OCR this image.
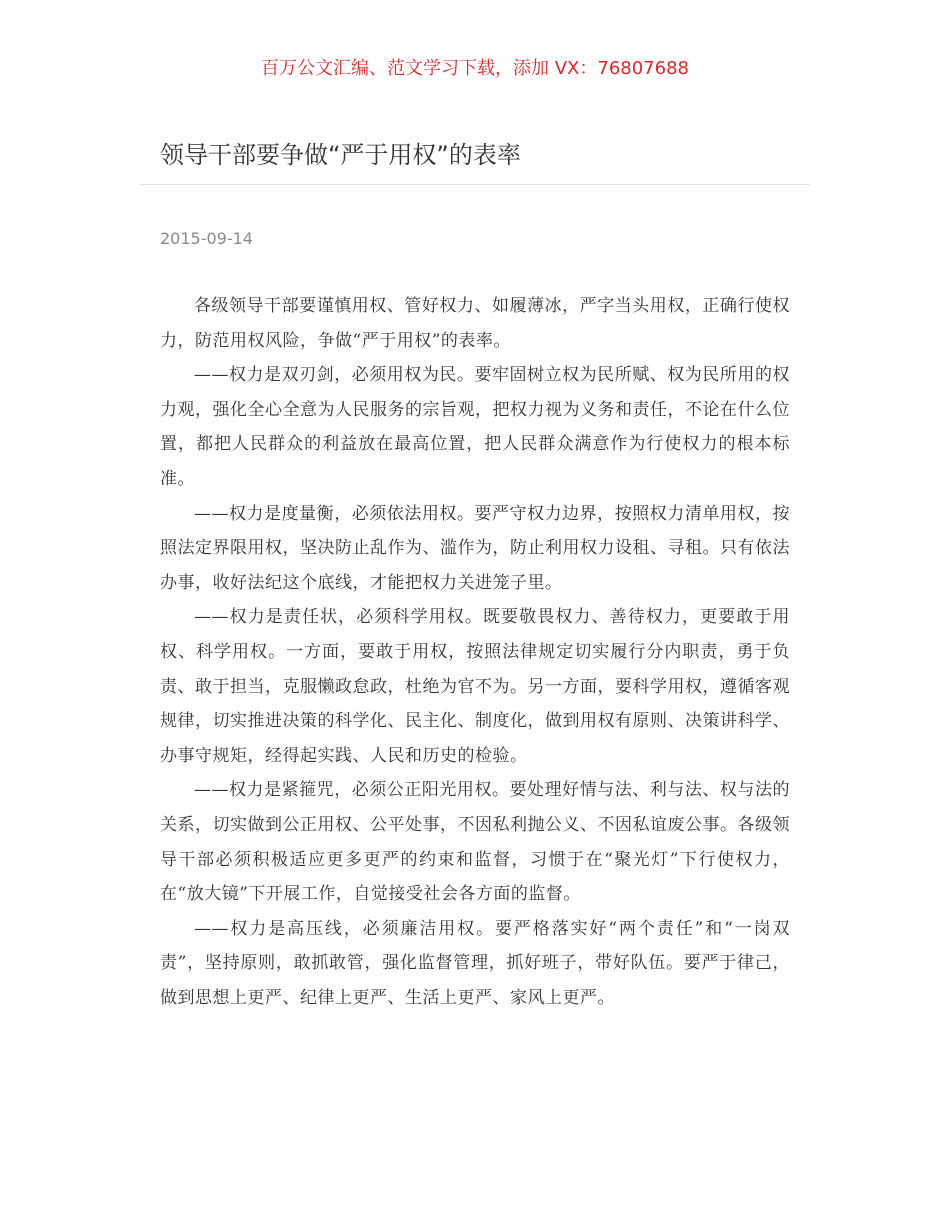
百万公文汇编、范文学习下载，添加 VX：76807688
领导干部要争做“严于用权”的表率
2015-09-14

各级领导干部要谨慎用权、管好权力、如履薄冰，严字当头用权，正确行使权力，防范用权风险，争做“严于用权”的表率。

——权力是双刃剑，必须用权为民。要牢固树立权为民所赋、权为民所用的权力观，强化全心全意为人民服务的宗旨观，把权力视为义务和责任，不论在什么位置，都把人民群众的利益放在最高位置，把人民群众满意作为行使权力的根本标准。

——权力是度量衡，必须依法用权。要严守权力边界，按照权力清单用权，按照法定界限用权，坚决防止乱作为、滥作为，防止利用权力设租、寻租。只有依法办事，收好法纪这个底线，才能把权力关进笼子里。

——权力是责任状，必须科学用权。既要敬畏权力、善待权力，更要敢于用权、科学用权。一方面，要敢于用权，按照法律规定切实履行分内职责，勇于负责、敢于担当，克服懒政怠政，杜绝为官不为。另一方面，要科学用权，遵循客观规律，切实推进决策的科学化、民主化、制度化，做到用权有原则、决策讲科学、办事守规矩，经得起实践、人民和历史的检验。

——权力是紧箍咒，必须公正阳光用权。要处理好情与法、利与法、权与法的关系，切实做到公正用权、公平处事，不因私利抛公义、不因私谊废公事。各级领导干部必须积极适应更多更严的约束和监督，习惯于在“聚光灯”下行使权力，在“放大镜”下开展工作，自觉接受社会各方面的监督。

——权力是高压线，必须廉洁用权。要严格落实好“两个责任”和“一岗双责”，坚持原则，敢抓敢管，强化监督管理，抓好班子，带好队伍。要严于律己，做到思想上更严、纪律上更严、生活上更严、家风上更严。
